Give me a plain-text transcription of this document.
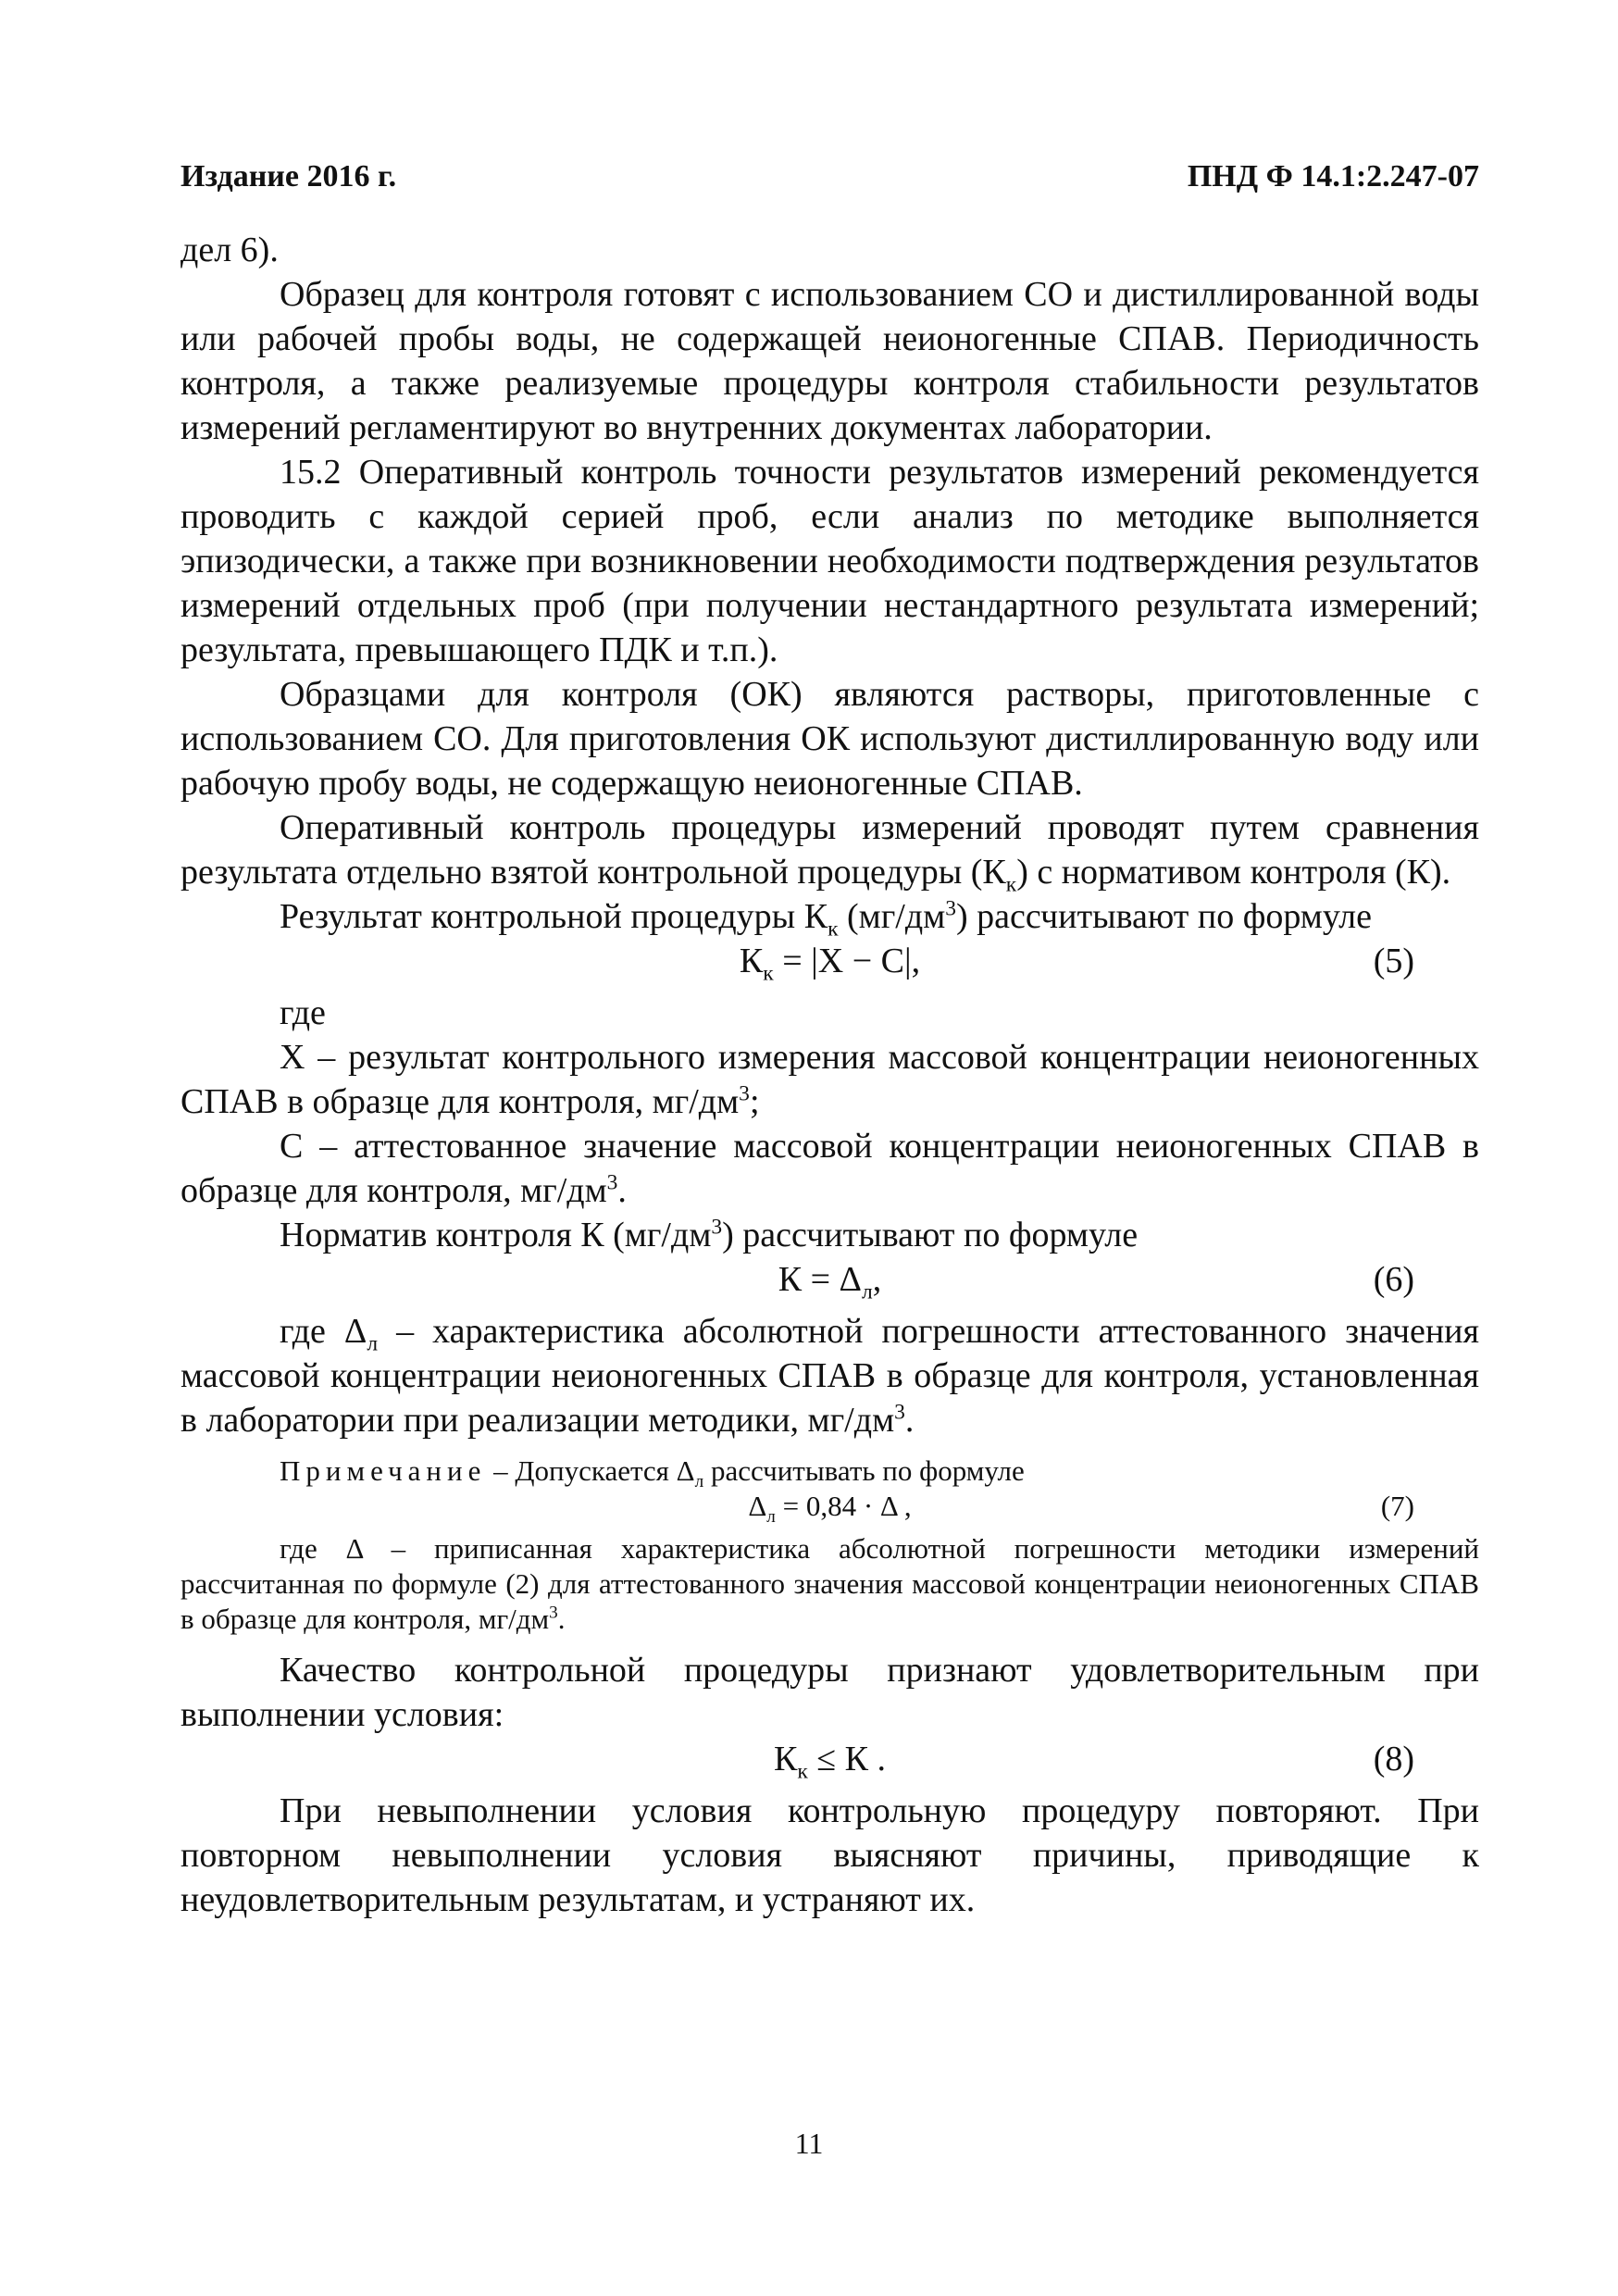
Издание 2016 г.	ПНД Ф 14.1:2.247-07

дел 6).

Образец для контроля готовят с использованием СО и дистиллированной воды или рабочей пробы воды, не содержащей неионогенные СПАВ. Периодичность контроля, а также реализуемые процедуры контроля стабильности результатов измерений регламентируют во внутренних документах лаборатории.

15.2 Оперативный контроль точности результатов измерений рекомендуется проводить с каждой серией проб, если анализ по методике выполняется эпизодически, а также при возникновении необходимости подтверждения результатов измерений отдельных проб (при получении нестандартного результата измерений; результата, превышающего ПДК и т.п.).

Образцами для контроля (ОК) являются растворы, приготовленные с использованием СО. Для приготовления ОК используют дистиллированную воду или рабочую пробу воды, не содержащую неионогенные СПАВ.

Оперативный контроль процедуры измерений проводят путем сравнения результата отдельно взятой контрольной процедуры $(К_к)$ с нормативом контроля (К).

Результат контрольной процедуры $К_к$ $(мг/дм^3)$ рассчитывают по формуле

$К_к = |Х - С|$,	(5)

где

Х – результат контрольного измерения массовой концентрации неионогенных СПАВ в образце для контроля, $мг/дм^3$;

С – аттестованное значение массовой концентрации неионогенных СПАВ в образце для контроля, $мг/дм^3$.

Норматив контроля К $(мг/дм^3)$ рассчитывают по формуле

$К = \Delta_л$,	(6)

где $\Delta_л$ – характеристика абсолютной погрешности аттестованного значения массовой концентрации неионогенных СПАВ в образце для контроля, установленная в лаборатории при реализации методики, $мг/дм^3$.

Примечание – Допускается $\Delta_л$ рассчитывать по формуле

$\Delta_л = 0,84 \cdot \Delta$ ,	(7)

где Δ – приписанная характеристика абсолютной погрешности методики измерений рассчитанная по формуле (2) для аттестованного значения массовой концентрации неионогенных СПАВ в образце для контроля, $мг/дм^3$.

Качество контрольной процедуры признают удовлетворительным при выполнении условия:

$К_к \le К$ .	(8)

При невыполнении условия контрольную процедуру повторяют. При повторном невыполнении условия выясняют причины, приводящие к неудовлетворительным результатам, и устраняют их.

11
